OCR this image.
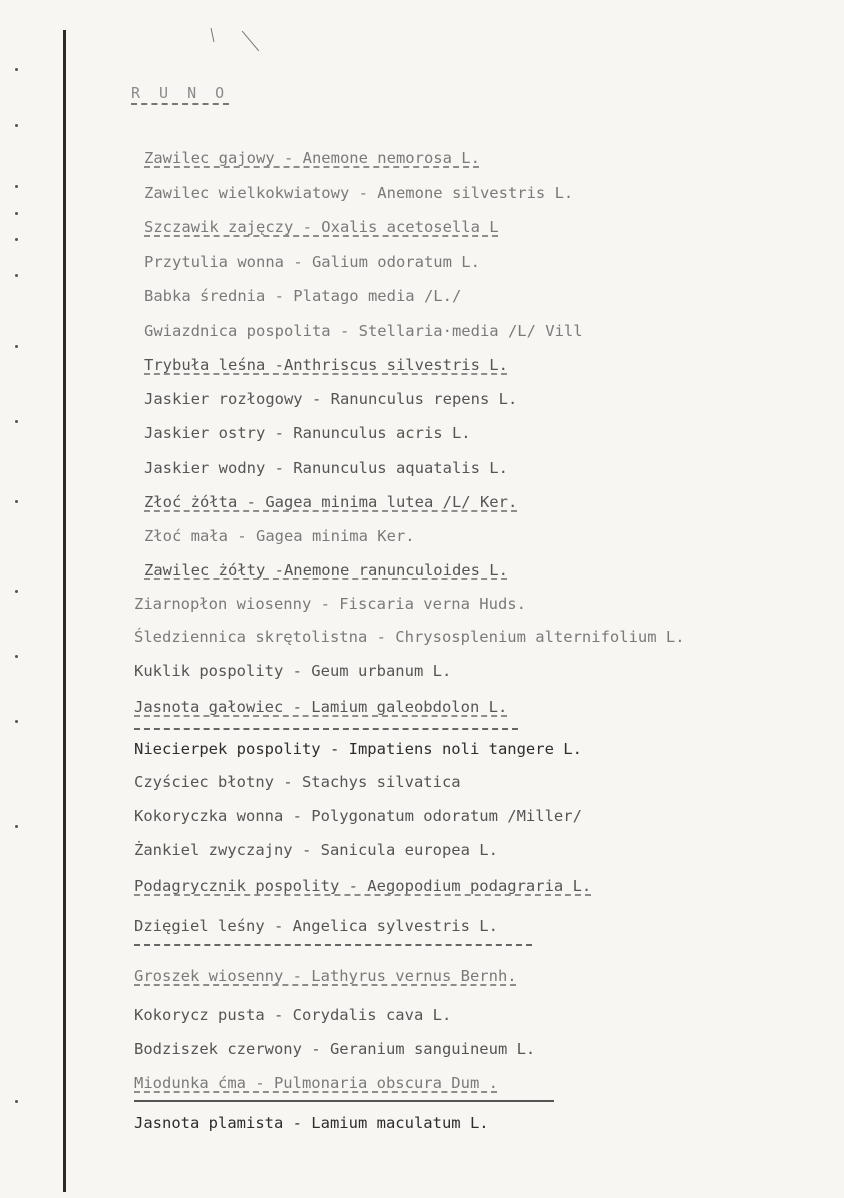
R U N O
Zawilec gajowy - Anemone nemorosa L.
Zawilec wielkokwiatowy - Anemone silvestris L.
Szczawik zajęczy - Oxalis acetosella L
Przytulia wonna - Galium odoratum L.
Babka średnia - Platago media /L./
Gwiazdnica pospolita - Stellaria·media /L/ Vill
Trybuła leśna -Anthriscus silvestris L.
Jaskier rozłogowy - Ranunculus repens L.
Jaskier ostry - Ranunculus acris L.
Jaskier wodny - Ranunculus aquatalis L.
Złoć żółta - Gagea minima lutea /L/ Ker.
Złoć mała - Gagea minima Ker.
Zawilec żółty -Anemone ranunculoides L.
Ziarnopłon wiosenny - Fiscaria verna Huds.
Śledziennica skrętolistna - Chrysosplenium alternifolium L.
Kuklik pospolity - Geum urbanum L.
Jasnota gałowiec - Lamium galeobdolon L.
Niecierpek pospolity - Impatiens noli tangere L.
Czyściec błotny - Stachys silvatica
Kokoryczka wonna - Polygonatum odoratum /Miller/
Żankiel zwyczajny - Sanicula europea L.
Podagrycznik pospolity - Aegopodium podagraria L.
Dzięgiel leśny - Angelica sylvestris L.
Groszek wiosenny - Lathyrus vernus Bernh.
Kokorycz pusta - Corydalis cava L.
Bodziszek czerwony - Geranium sanguineum L.
Miodunka ćma - Pulmonaria obscura Dum .
Jasnota plamista - Lamium maculatum L.
